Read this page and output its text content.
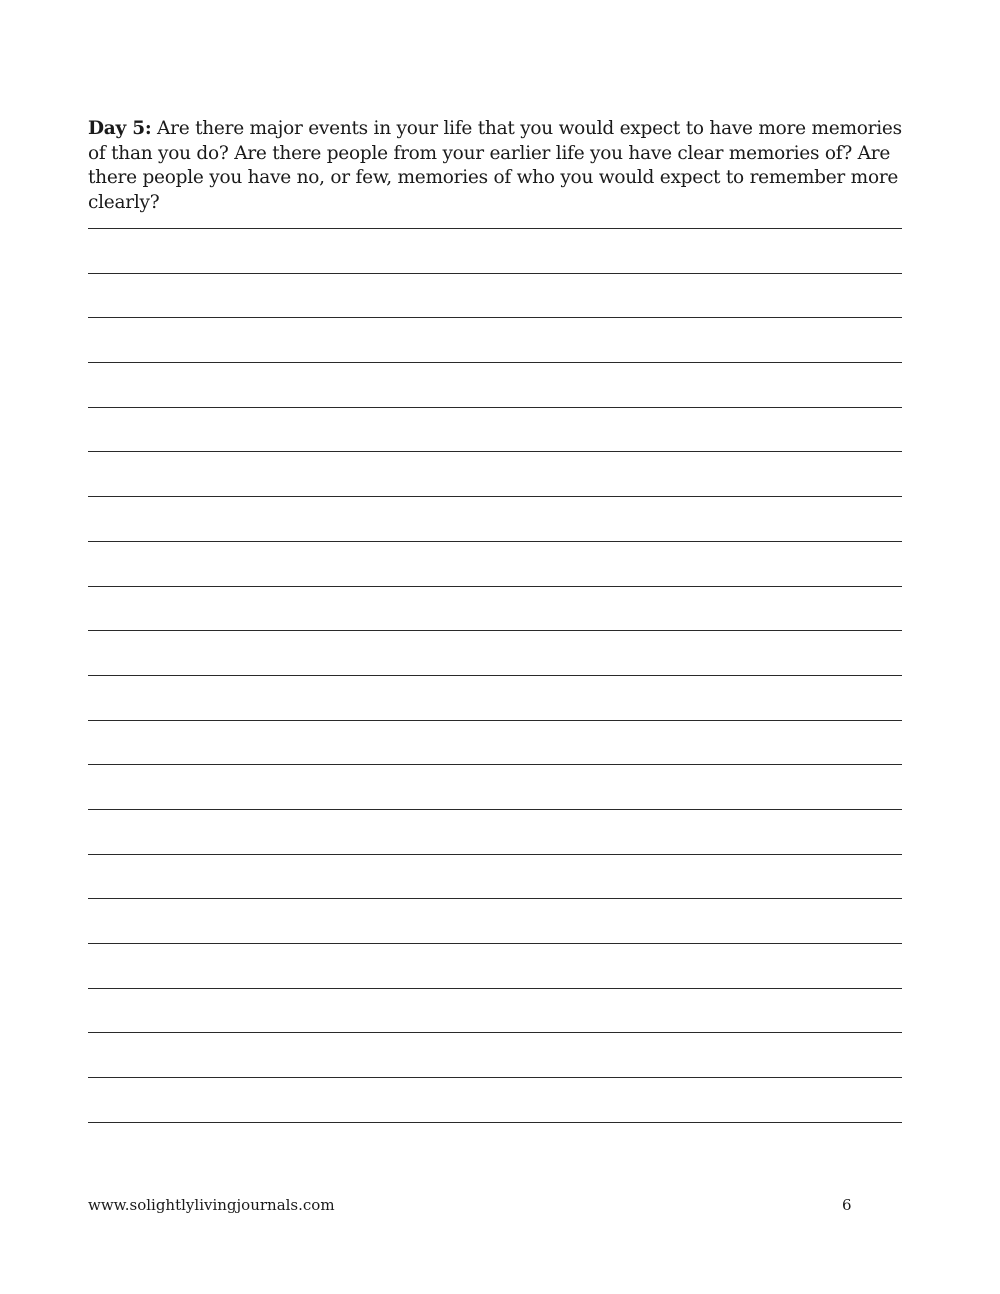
Day 5: Are there major events in your life that you would expect to have more memories of than you do? Are there people from your earlier life you have clear memories of? Are there people you have no, or few, memories of who you would expect to remember more clearly?
www.solightlylivingjournals.com	6
